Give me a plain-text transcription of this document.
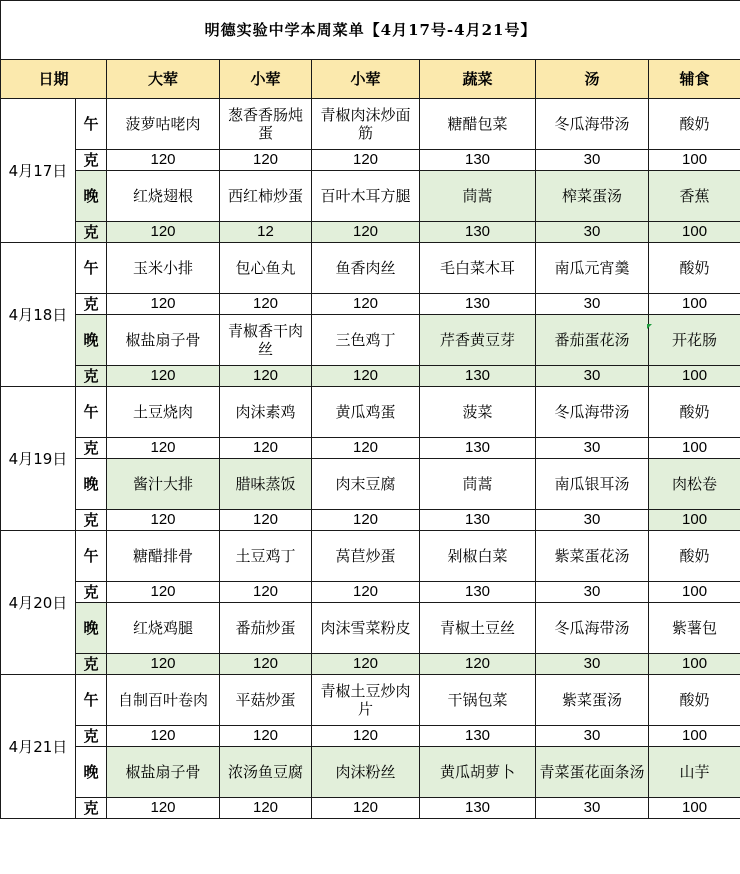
明德实验中学本周菜单【4月17号-4月21号】							
日期		大荤	小荤	小荤	蔬菜	汤	辅食
4月17日	午	菠萝咕咾肉	葱香香肠炖蛋	青椒肉沫炒面筋	糖醋包菜	冬瓜海带汤	酸奶
	克	120	120	120	130	30	100
	晚	红烧翅根	西红柿炒蛋	百叶木耳方腿	茼蒿	榨菜蛋汤	香蕉
	克	120	12	120	130	30	100
4月18日	午	玉米小排	包心鱼丸	鱼香肉丝	毛白菜木耳	南瓜元宵羹	酸奶
	克	120	120	120	130	30	100
	晚	椒盐扇子骨	青椒香干肉丝	三色鸡丁	芹香黄豆芽	番茄蛋花汤	开花肠
	克	120	120	120	130	30	100
4月19日	午	土豆烧肉	肉沫素鸡	黄瓜鸡蛋	菠菜	冬瓜海带汤	酸奶
	克	120	120	120	130	30	100
	晚	酱汁大排	腊味蒸饭	肉末豆腐	茼蒿	南瓜银耳汤	肉松卷
	克	120	120	120	130	30	100
4月20日	午	糖醋排骨	土豆鸡丁	莴苣炒蛋	剁椒白菜	紫菜蛋花汤	酸奶
	克	120	120	120	130	30	100
	晚	红烧鸡腿	番茄炒蛋	肉沫雪菜粉皮	青椒土豆丝	冬瓜海带汤	紫薯包
	克	120	120	120	120	30	100
4月21日	午	自制百叶卷肉	平菇炒蛋	青椒土豆炒肉片	干锅包菜	紫菜蛋汤	酸奶
	克	120	120	120	130	30	100
	晚	椒盐扇子骨	浓汤鱼豆腐	肉沫粉丝	黄瓜胡萝卜	青菜蛋花面条汤	山芋
	克	120	120	120	130	30	100
